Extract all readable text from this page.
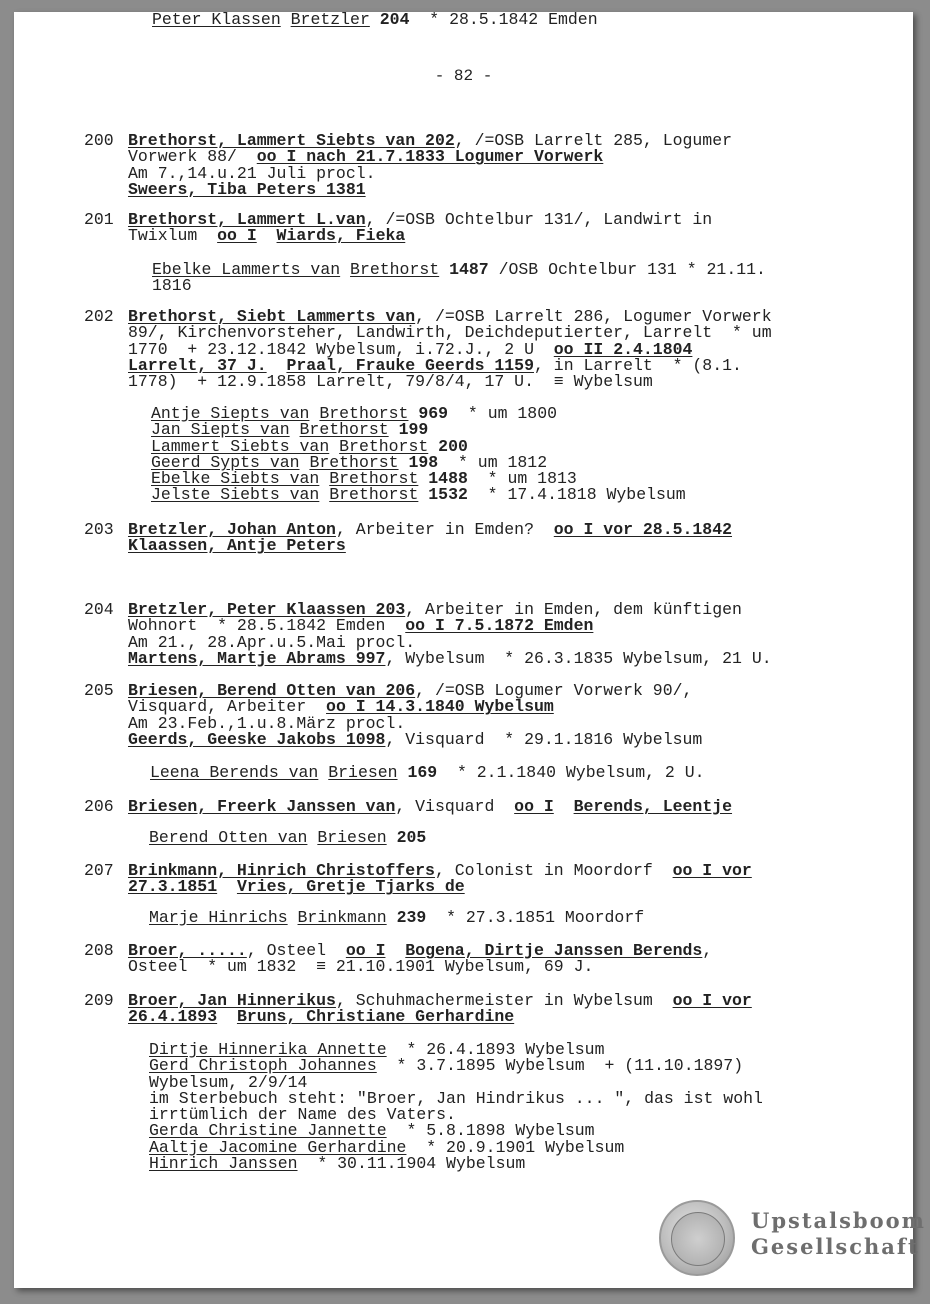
- 82 -
200 Brethorst, Lammert Siebts van 202, /=OSB Larrelt 285, Logumer
Vorwerk 88/  oo I nach 21.7.1833 Logumer Vorwerk
Am 7.,14.u.21 Juli procl.
Sweers, Tiba Peters 1381
201 Brethorst, Lammert L.van, /=OSB Ochtelbur 131/, Landwirt in
Twixlum  oo I Wiards, Fieka
Ebelke Lammerts van Brethorst 1487 /OSB Ochtelbur 131 * 21.11.
1816
202 Brethorst, Siebt Lammerts van, /=OSB Larrelt 286, Logumer Vorwerk
89/, Kirchenvorsteher, Landwirth, Deichdeputierter, Larrelt  * um
1770  + 23.12.1842 Wybelsum, i.72.J., 2 U  oo II 2.4.1804
Larrelt, 37 J. Praal, Frauke Geerds 1159, in Larrelt  * (8.1.
1778)  + 12.9.1858 Larrelt, 79/8/4, 17 U.  ≡ Wybelsum
Antje Siepts van Brethorst 969  * um 1800
Jan Siepts van Brethorst 199
Lammert Siebts van Brethorst 200
Geerd Sypts van Brethorst 198  * um 1812
Ebelke Siebts van Brethorst 1488  * um 1813
Jelste Siebts van Brethorst 1532  * 17.4.1818 Wybelsum
203 Bretzler, Johan Anton, Arbeiter in Emden?  oo I vor 28.5.1842
Klaassen, Antje Peters
Peter Klassen Bretzler 204  * 28.5.1842 Emden
204 Bretzler, Peter Klaassen 203, Arbeiter in Emden, dem künftigen
Wohnort  * 28.5.1842 Emden  oo I 7.5.1872 Emden
Am 21., 28.Apr.u.5.Mai procl.
Martens, Martje Abrams 997, Wybelsum  * 26.3.1835 Wybelsum, 21 U.
205 Briesen, Berend Otten van 206, /=OSB Logumer Vorwerk 90/,
Visquard, Arbeiter  oo I 14.3.1840 Wybelsum
Am 23.Feb.,1.u.8.März procl.
Geerds, Geeske Jakobs 1098, Visquard  * 29.1.1816 Wybelsum
Leena Berends van Briesen 169  * 2.1.1840 Wybelsum, 2 U.
206 Briesen, Freerk Janssen van, Visquard  oo I Berends, Leentje
Berend Otten van Briesen 205
207 Brinkmann, Hinrich Christoffers, Colonist in Moordorf  oo I vor
27.3.1851 Vries, Gretje Tjarks de
Marje Hinrichs Brinkmann 239  * 27.3.1851 Moordorf
208 Broer, ....., Osteel  oo I Bogena, Dirtje Janssen Berends,
Osteel  * um 1832  ≡ 21.10.1901 Wybelsum, 69 J.
209 Broer, Jan Hinnerikus, Schuhmachermeister in Wybelsum  oo I vor
26.4.1893 Bruns, Christiane Gerhardine
Dirtje Hinnerika Annette  * 26.4.1893 Wybelsum
Gerd Christoph Johannes  * 3.7.1895 Wybelsum  + (11.10.1897)
Wybelsum, 2/9/14
im Sterbebuch steht: "Broer, Jan Hindrikus ... ", das ist wohl
irrtümlich der Name des Vaters.
Gerda Christine Jannette  * 5.8.1898 Wybelsum
Aaltje Jacomine Gerhardine  * 20.9.1901 Wybelsum
Hinrich Janssen  * 30.11.1904 Wybelsum
Upstalsboom
Gesellschaft
